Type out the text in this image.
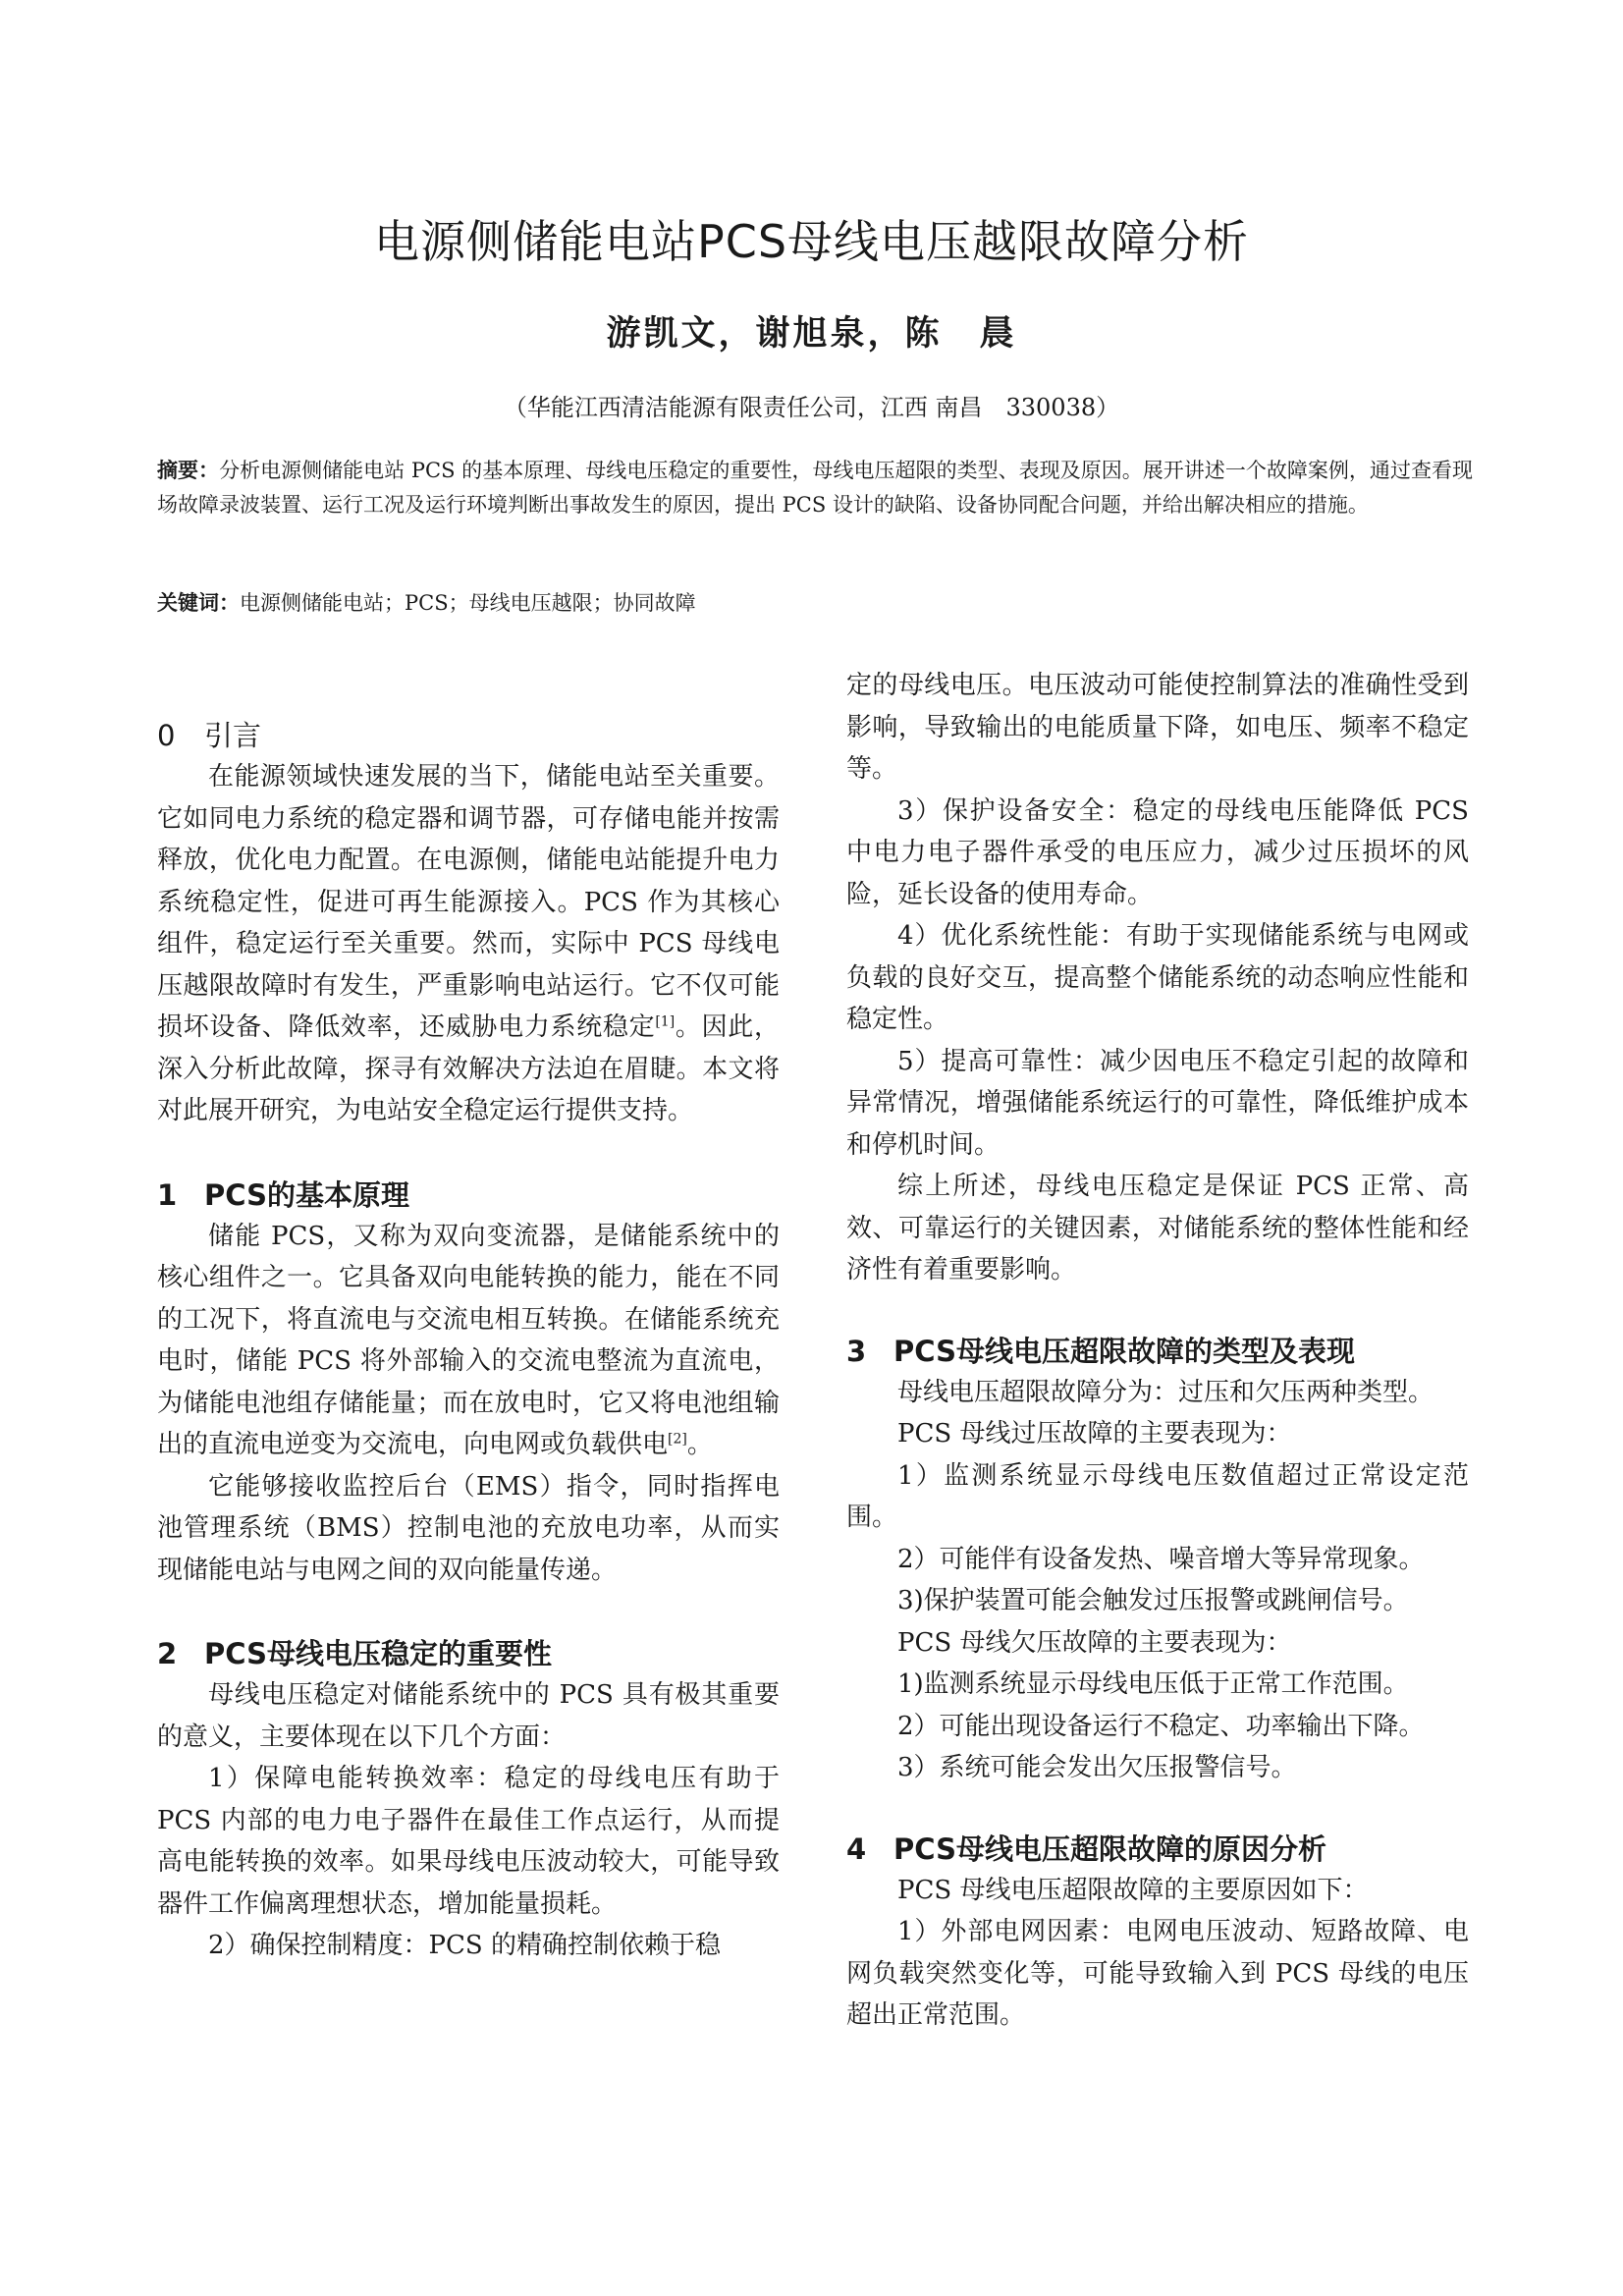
电源侧储能电站PCS母线电压越限故障分析
游凯文，谢旭泉，陈　晨
（华能江西清洁能源有限责任公司，江西 南昌　330038）
摘要：分析电源侧储能电站 PCS 的基本原理、母线电压稳定的重要性，母线电压超限的类型、表现及原因。展开讲述一个故障案例，通过查看现场故障录波装置、运行工况及运行环境判断出事故发生的原因，提出 PCS 设计的缺陷、设备协同配合问题，并给出解决相应的措施。
关键词：电源侧储能电站；PCS；母线电压越限；协同故障
0 引言

在能源领域快速发展的当下，储能电站至关重要。它如同电力系统的稳定器和调节器，可存储电能并按需释放，优化电力配置。在电源侧，储能电站能提升电力系统稳定性，促进可再生能源接入。PCS 作为其核心组件，稳定运行至关重要。然而，实际中 PCS 母线电压越限故障时有发生，严重影响电站运行。它不仅可能损坏设备、降低效率，还威胁电力系统稳定[1]。因此，深入分析此故障，探寻有效解决方法迫在眉睫。本文将对此展开研究，为电站安全稳定运行提供支持。

1 PCS的基本原理

储能 PCS，又称为双向变流器，是储能系统中的核心组件之一。它具备双向电能转换的能力，能在不同的工况下，将直流电与交流电相互转换。在储能系统充电时，储能 PCS 将外部输入的交流电整流为直流电，为储能电池组存储能量；而在放电时，它又将电池组输出的直流电逆变为交流电，向电网或负载供电[2]。

它能够接收监控后台（EMS）指令，同时指挥电池管理系统（BMS）控制电池的充放电功率，从而实现储能电站与电网之间的双向能量传递。

2 PCS母线电压稳定的重要性

母线电压稳定对储能系统中的 PCS 具有极其重要的意义，主要体现在以下几个方面：

1）保障电能转换效率：稳定的母线电压有助于 PCS 内部的电力电子器件在最佳工作点运行，从而提高电能转换的效率。如果母线电压波动较大，可能导致器件工作偏离理想状态，增加能量损耗。

2）确保控制精度：PCS 的精确控制依赖于稳

定的母线电压。电压波动可能使控制算法的准确性受到影响，导致输出的电能质量下降，如电压、频率不稳定等。

3）保护设备安全：稳定的母线电压能降低 PCS 中电力电子器件承受的电压应力，减少过压损坏的风险，延长设备的使用寿命。

4）优化系统性能：有助于实现储能系统与电网或负载的良好交互，提高整个储能系统的动态响应性能和稳定性。

5）提高可靠性：减少因电压不稳定引起的故障和异常情况，增强储能系统运行的可靠性，降低维护成本和停机时间。

综上所述，母线电压稳定是保证 PCS 正常、高效、可靠运行的关键因素，对储能系统的整体性能和经济性有着重要影响。

3 PCS母线电压超限故障的类型及表现

母线电压超限故障分为：过压和欠压两种类型。

PCS 母线过压故障的主要表现为：

1）监测系统显示母线电压数值超过正常设定范围。

2）可能伴有设备发热、噪音增大等异常现象。

3)保护装置可能会触发过压报警或跳闸信号。

PCS 母线欠压故障的主要表现为：

1)监测系统显示母线电压低于正常工作范围。

2）可能出现设备运行不稳定、功率输出下降。

3）系统可能会发出欠压报警信号。

4 PCS母线电压超限故障的原因分析

PCS 母线电压超限故障的主要原因如下：

1）外部电网因素：电网电压波动、短路故障、电网负载突然变化等，可能导致输入到 PCS 母线的电压超出正常范围。
